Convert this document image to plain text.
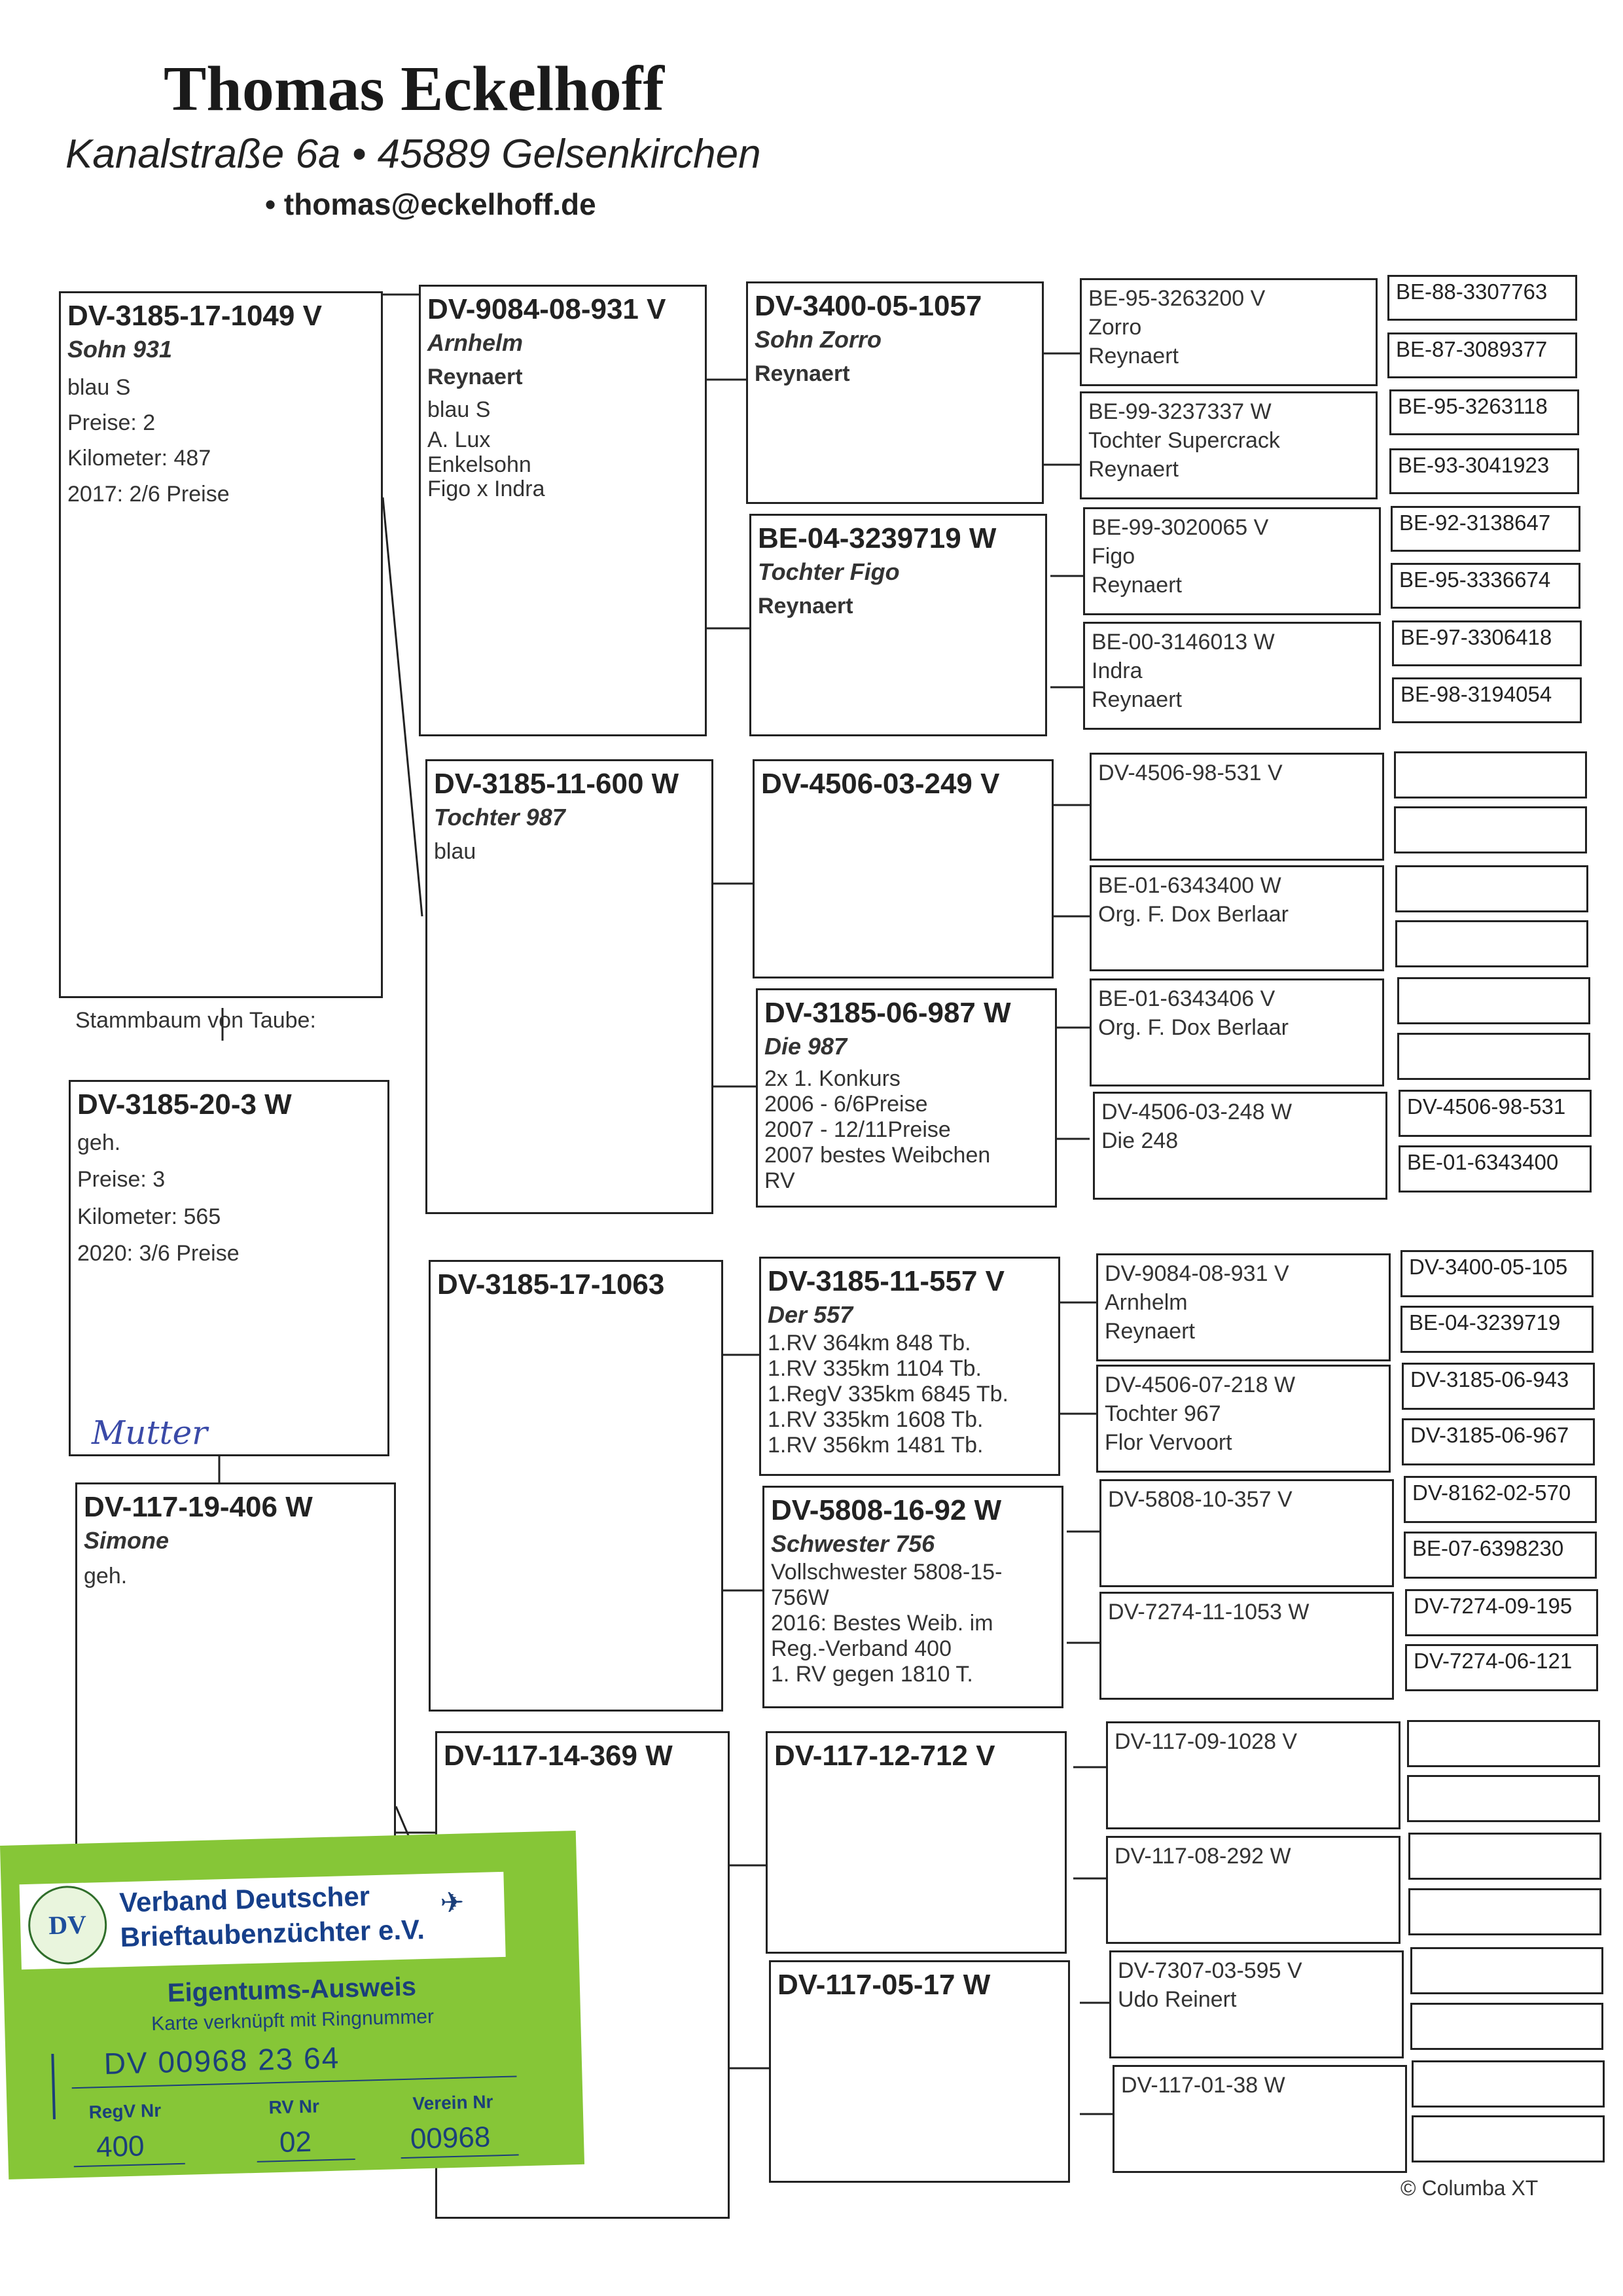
Thomas Eckelhoff
Kanalstraße 6a • 45889 Gelsenkirchen
• thomas@eckelhoff.de
DV-3185-17-1049 V
Sohn 931
blau S
Preise: 2
Kilometer: 487
2017: 2/6 Preise
Stammbaum von Taube:
DV-3185-20-3 W
geh.
Preise: 3
Kilometer: 565
2020: 3/6 Preise
Mutter
DV-117-19-406 W
Simone
geh.
DV-9084-08-931 V
Arnhelm
Reynaert
blau S
A. Lux
Enkelsohn
Figo x Indra
DV-3185-11-600 W
Tochter 987
blau
DV-3185-17-1063
DV-117-14-369 W
DV-3400-05-1057
Sohn Zorro
Reynaert
BE-04-3239719 W
Tochter Figo
Reynaert
DV-4506-03-249 V
DV-3185-06-987 W
Die 987
2x 1. Konkurs
2006 - 6/6Preise
2007 - 12/11Preise
2007 bestes Weibchen
RV
DV-3185-11-557 V
Der 557
1.RV 364km 848 Tb.
1.RV 335km 1104 Tb.
1.RegV 335km 6845 Tb.
1.RV 335km 1608 Tb.
1.RV 356km 1481 Tb.
DV-5808-16-92 W
Schwester 756
Vollschwester 5808-15-
756W
2016: Bestes Weib. im
Reg.-Verband 400
1. RV gegen 1810 T.
DV-117-12-712 V
DV-117-05-17 W
BE-95-3263200 V
Zorro
Reynaert
BE-99-3237337 W
Tochter Supercrack
Reynaert
BE-99-3020065 V
Figo
Reynaert
BE-00-3146013 W
Indra
Reynaert
DV-4506-98-531 V
BE-01-6343400 W
Org. F. Dox Berlaar
BE-01-6343406 V
Org. F. Dox Berlaar
DV-4506-03-248 W
Die 248
DV-9084-08-931 V
Arnhelm
Reynaert
DV-4506-07-218 W
Tochter 967
Flor Vervoort
DV-5808-10-357 V
DV-7274-11-1053 W
DV-117-09-1028 V
DV-117-08-292 W
DV-7307-03-595 V
Udo Reinert
DV-117-01-38 W
BE-88-3307763
BE-87-3089377
BE-95-3263118
BE-93-3041923
BE-92-3138647
BE-95-3336674
BE-97-3306418
BE-98-3194054
DV-4506-98-531
BE-01-6343400
DV-3400-05-105
BE-04-3239719
DV-3185-06-943
DV-3185-06-967
DV-8162-02-570
BE-07-6398230
DV-7274-09-195
DV-7274-06-121
© Columba XT
DV
Verband Deutscher
Brieftaubenzüchter e.V.
✈
Eigentums-Ausweis
Karte verknüpft mit Ringnummer
DV 00968 23 64
RegV Nr	RV Nr	Verein Nr
400	02	00968
